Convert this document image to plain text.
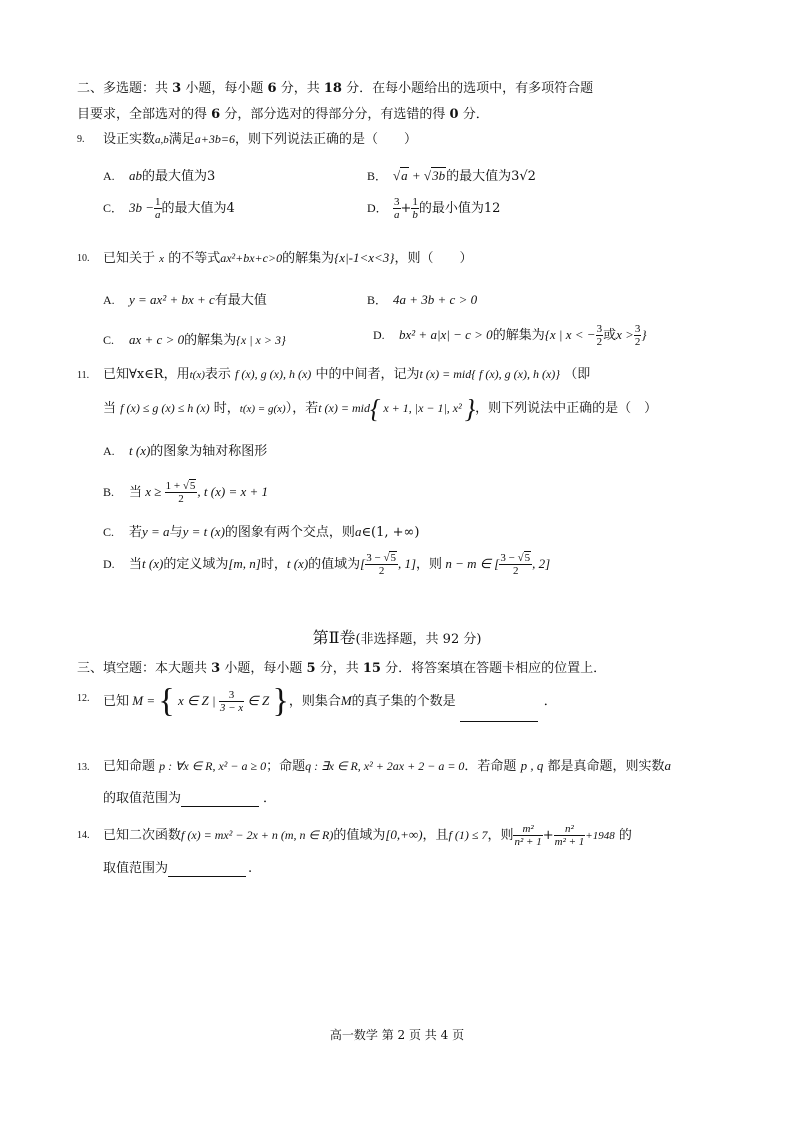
二、多选题：共 3 小题，每小题 6 分，共 18 分．在每小题给出的选项中，有多项符合题
目要求，全部选对的得 6 分，部分选对的得部分分，有选错的得 0 分．
9. 设正实数a,b满足a+3b=6，则下列说法正确的是（　　）
A. ab的最大值为3	B． √a + √3b的最大值为3√2
C． $3b - \frac{1}{a}$ 的最大值为4	D． $\frac{3}{a} + \frac{1}{b}$ 的最小值为12
10. 已知关于 x 的不等式ax²+bx+c>0的解集为{x|-1<x<3}，则（　　）
A. y = ax² + bx + c有最大值	B． 4a + 3b + c > 0
C. ax + c > 0的解集为{x | x > 3}	D. bx² + a|x| − c > 0的解集为{x | x < − $\frac{3}{2}$ 或$x > \frac{3}{2}$ }
11. 已知∀x∈R，用t(x)表示 f (x), g (x), h (x) 中的中间者，记为t (x) = mid{ f (x), g (x), h (x)} （即
当 f (x) ≤ g (x) ≤ h (x) 时，t(x) = g(x)），若t (x) = mid{ x + 1, |x − 1|, x² }，则下列说法中正确的是（　）
A. t (x)的图象为轴对称图形
B. 当 $x \ge \frac{1 + √5}{2}$ , t (x) = x + 1
C. 若y = a与y = t (x)的图象有两个交点，则a∈(1, +∞)
D. 当t (x)的定义域为[m, n]时，t (x)的值域为[ $\frac{3 - √5}{2}$ , 1]，则 n − m ∈ [ $\frac{3 - √5}{2}$ , 2]
第Ⅱ卷(非选择题，共 92 分)
三、填空题：本大题共 3 小题，每小题 5 分，共 15 分．将答案填在答题卡相应的位置上．
12. 已知 M = { x ∈ Z | $\frac{3}{3 - x}$ ∈ Z }，则集合M的真子集的个数是	．
13. 已知命题 p : ∀x ∈ R, x² − a ≥ 0；命题q : ∃x ∈ R, x² + 2ax + 2 − a = 0．若命题 p , q 都是真命题，则实数a
的取值范围为	．
14. 已知二次函数f (x) = mx² − 2x + n (m, n ∈ R)的值域为[0,+∞)，且f (1) ≤ 7，则 $\frac{\text{m²}}{\text{n² + 1}} + \frac{\text{n²}}{\text{m² + 1}} +1948$ 的
取值范围为	.
高一数学 第 2 页 共 4 页
